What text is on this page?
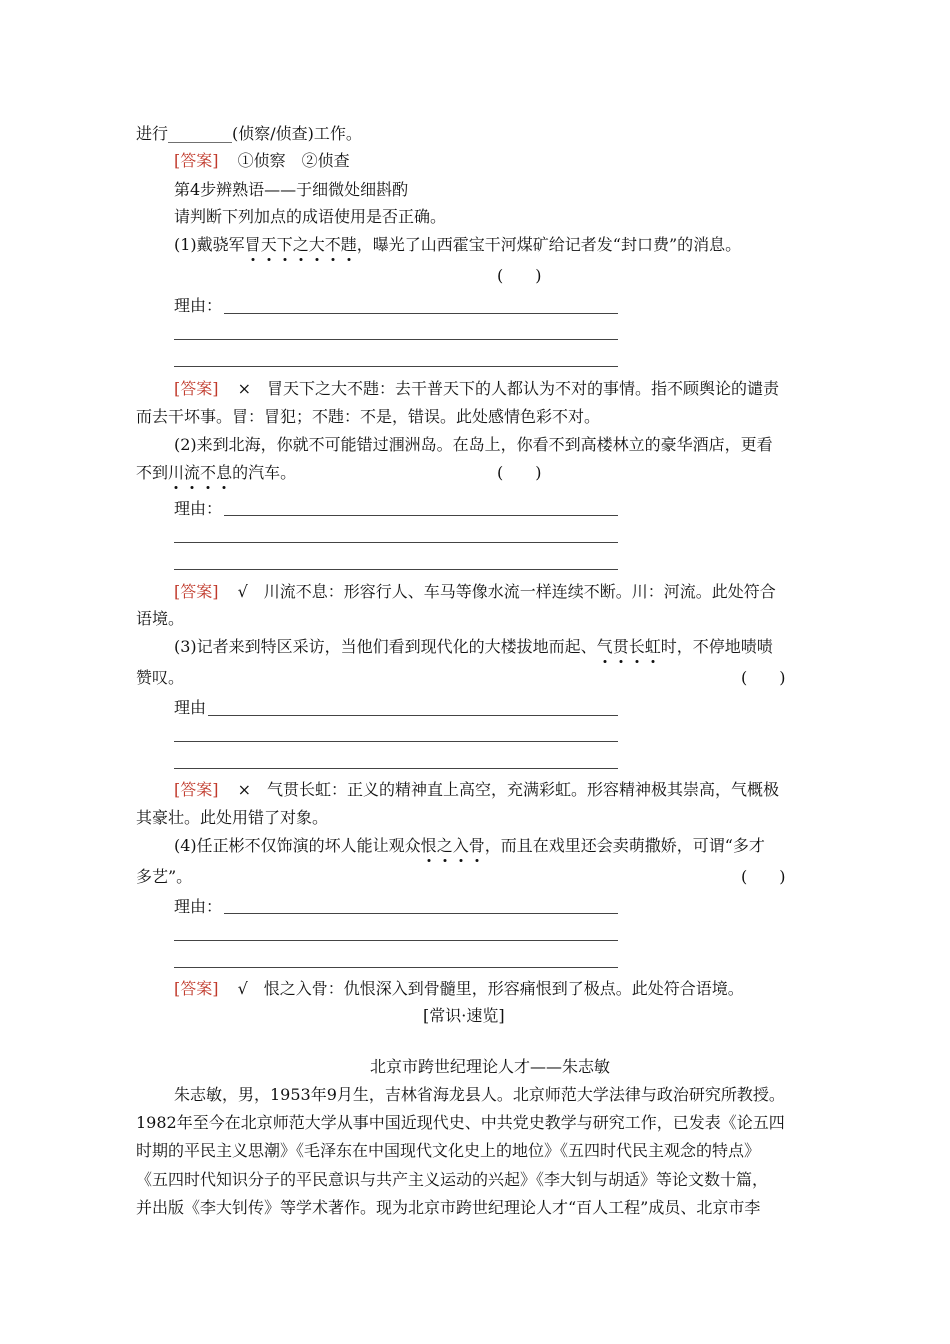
进行________(侦察/侦查)工作。
[答案] ①侦察　②侦查
第4步辨熟语——于细微处细斟酌
请判断下列加点的成语使用是否正确。
(1)戴骁军冒天下之大不韪，曝光了山西霍宝干河煤矿给记者发“封口费”的消息。
(　　)
理由：
[答案] ×　冒天下之大不韪：去干普天下的人都认为不对的事情。指不顾舆论的谴责
而去干坏事。冒：冒犯；不韪：不是，错误。此处感情色彩不对。
(2)来到北海，你就不可能错过涠洲岛。在岛上，你看不到高楼林立的豪华酒店，更看
不到川流不息的汽车。	(　　)
理由：
[答案] √　川流不息：形容行人、车马等像水流一样连续不断。川：河流。此处符合
语境。
(3)记者来到特区采访，当他们看到现代化的大楼拔地而起、气贯长虹时，不停地啧啧
赞叹。	(　　)
理由
[答案] ×　气贯长虹：正义的精神直上高空，充满彩虹。形容精神极其崇高，气概极
其豪壮。此处用错了对象。
(4)任正彬不仅饰演的坏人能让观众恨之入骨，而且在戏里还会卖萌撒娇，可谓“多才
多艺”。	(　　)
理由：
[答案] √　恨之入骨：仇恨深入到骨髓里，形容痛恨到了极点。此处符合语境。
[常识·速览]
北京市跨世纪理论人才——朱志敏
朱志敏，男，1953年9月生，吉林省海龙县人。北京师范大学法律与政治研究所教授。
1982年至今在北京师范大学从事中国近现代史、中共党史教学与研究工作，已发表《论五四
时期的平民主义思潮》《毛泽东在中国现代文化史上的地位》《五四时代民主观念的特点》
《五四时代知识分子的平民意识与共产主义运动的兴起》《李大钊与胡适》等论文数十篇，
并出版《李大钊传》等学术著作。现为北京市跨世纪理论人才“百人工程”成员、北京市李
